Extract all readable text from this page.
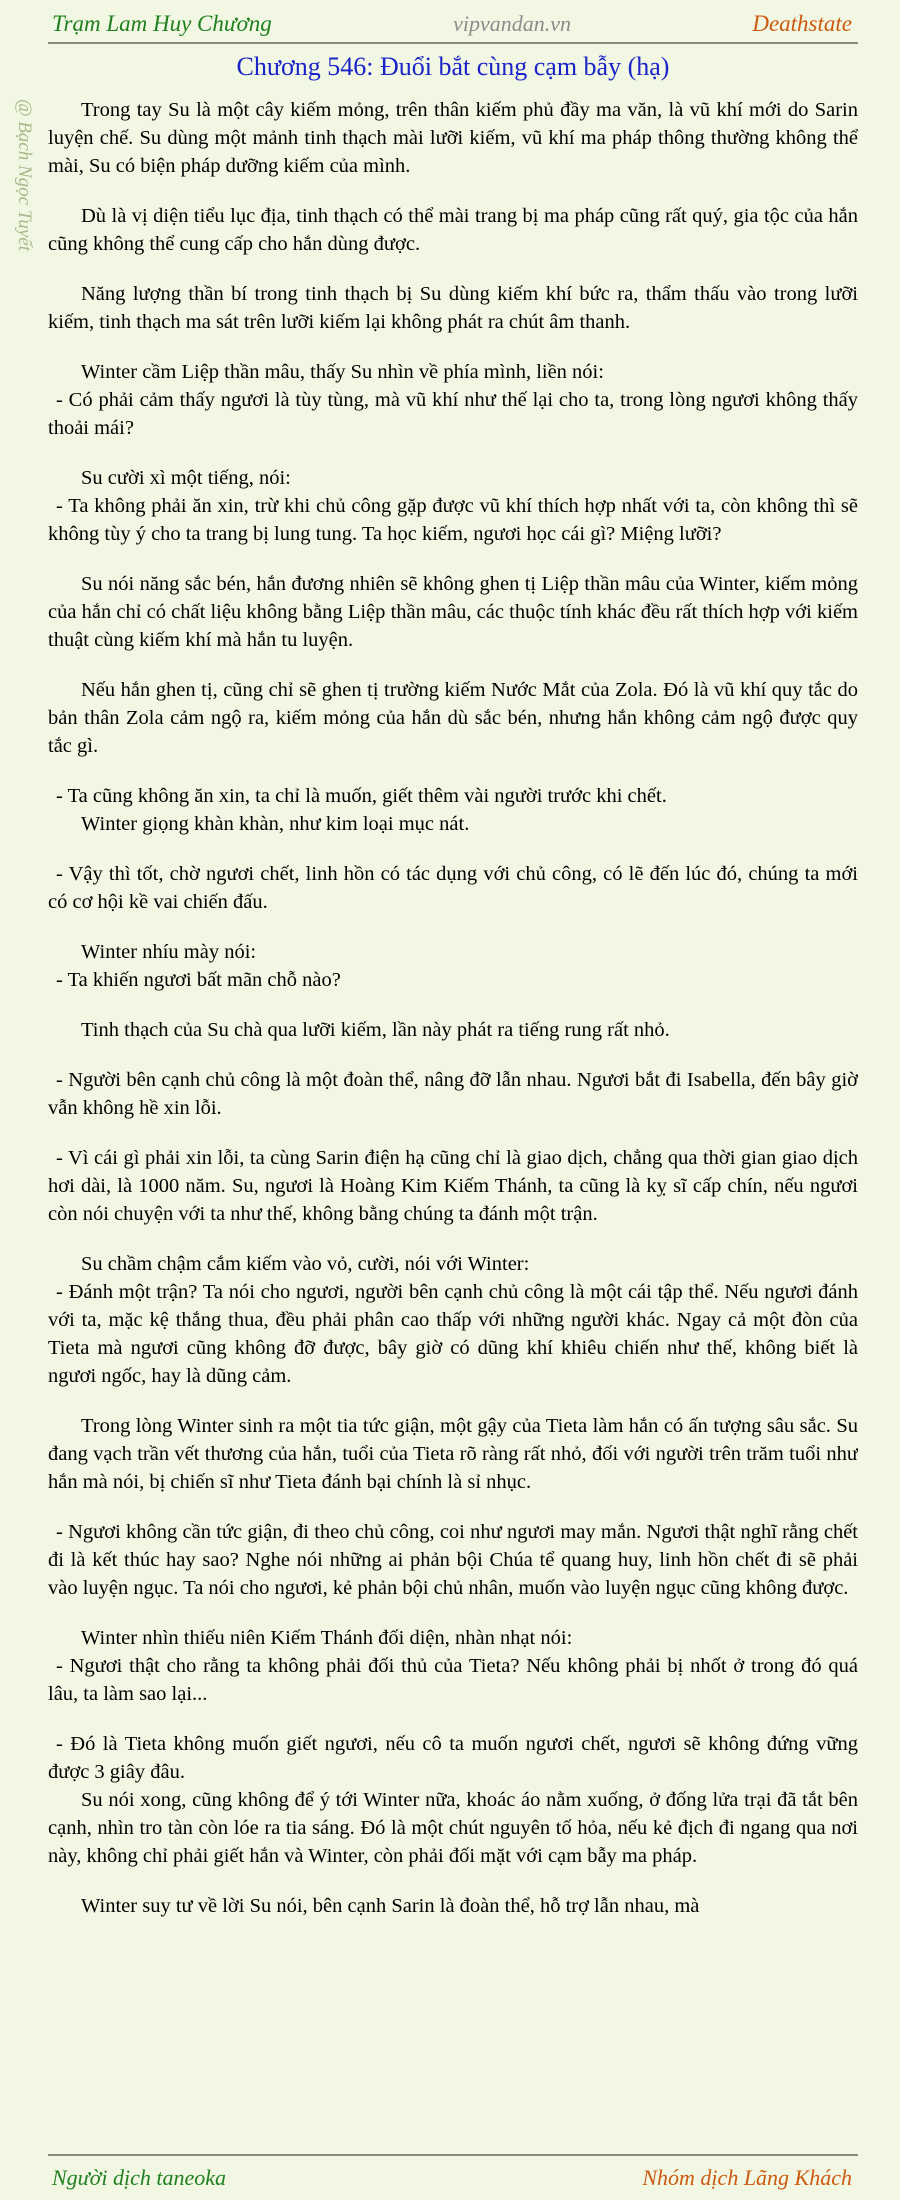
Trạm Lam Huy Chương	vipvandan.vn	Deathstate
@ Bạch Ngọc Tuyết
Chương 546: Đuổi bắt cùng cạm bẫy (hạ)

Trong tay Su là một cây kiếm mỏng, trên thân kiếm phủ đầy ma văn, là vũ khí mới do Sarin luyện chế. Su dùng một mảnh tinh thạch mài lưỡi kiếm, vũ khí ma pháp thông thường không thể mài, Su có biện pháp dưỡng kiếm của mình.

Dù là vị diện tiểu lục địa, tinh thạch có thể mài trang bị ma pháp cũng rất quý, gia tộc của hắn cũng không thể cung cấp cho hắn dùng được.

Năng lượng thần bí trong tinh thạch bị Su dùng kiếm khí bức ra, thẩm thấu vào trong lưỡi kiếm, tinh thạch ma sát trên lưỡi kiếm lại không phát ra chút âm thanh.

Winter cầm Liệp thần mâu, thấy Su nhìn về phía mình, liền nói:

- Có phải cảm thấy ngươi là tùy tùng, mà vũ khí như thế lại cho ta, trong lòng ngươi không thấy thoải mái?

Su cười xì một tiếng, nói:

- Ta không phải ăn xin, trừ khi chủ công gặp được vũ khí thích hợp nhất với ta, còn không thì sẽ không tùy ý cho ta trang bị lung tung. Ta học kiếm, ngươi học cái gì? Miệng lưỡi?

Su nói năng sắc bén, hắn đương nhiên sẽ không ghen tị Liệp thần mâu của Winter, kiếm mỏng của hắn chỉ có chất liệu không bằng Liệp thần mâu, các thuộc tính khác đều rất thích hợp với kiếm thuật cùng kiếm khí mà hắn tu luyện.

Nếu hắn ghen tị, cũng chỉ sẽ ghen tị trường kiếm Nước Mắt của Zola. Đó là vũ khí quy tắc do bản thân Zola cảm ngộ ra, kiếm mỏng của hắn dù sắc bén, nhưng hắn không cảm ngộ được quy tắc gì.

- Ta cũng không ăn xin, ta chỉ là muốn, giết thêm vài người trước khi chết.

Winter giọng khàn khàn, như kim loại mục nát.

- Vậy thì tốt, chờ ngươi chết, linh hồn có tác dụng với chủ công, có lẽ đến lúc đó, chúng ta mới có cơ hội kề vai chiến đấu.

Winter nhíu mày nói:

- Ta khiến ngươi bất mãn chỗ nào?

Tinh thạch của Su chà qua lưỡi kiếm, lần này phát ra tiếng rung rất nhỏ.

- Người bên cạnh chủ công là một đoàn thể, nâng đỡ lẫn nhau. Ngươi bắt đi Isabella, đến bây giờ vẫn không hề xin lỗi.

- Vì cái gì phải xin lỗi, ta cùng Sarin điện hạ cũng chỉ là giao dịch, chẳng qua thời gian giao dịch hơi dài, là 1000 năm. Su, ngươi là Hoàng Kim Kiếm Thánh, ta cũng là kỵ sĩ cấp chín, nếu ngươi còn nói chuyện với ta như thế, không bằng chúng ta đánh một trận.

Su chầm chậm cắm kiếm vào vỏ, cười, nói với Winter:

- Đánh một trận? Ta nói cho ngươi, người bên cạnh chủ công là một cái tập thể. Nếu ngươi đánh với ta, mặc kệ thắng thua, đều phải phân cao thấp với những người khác. Ngay cả một đòn của Tieta mà ngươi cũng không đỡ được, bây giờ có dũng khí khiêu chiến như thế, không biết là ngươi ngốc, hay là dũng cảm.

Trong lòng Winter sinh ra một tia tức giận, một gậy của Tieta làm hắn có ấn tượng sâu sắc. Su đang vạch trần vết thương của hắn, tuổi của Tieta rõ ràng rất nhỏ, đối với người trên trăm tuổi như hắn mà nói, bị chiến sĩ như Tieta đánh bại chính là sỉ nhục.

- Ngươi không cần tức giận, đi theo chủ công, coi như ngươi may mắn. Ngươi thật nghĩ rằng chết đi là kết thúc hay sao? Nghe nói những ai phản bội Chúa tể quang huy, linh hồn chết đi sẽ phải vào luyện ngục. Ta nói cho ngươi, kẻ phản bội chủ nhân, muốn vào luyện ngục cũng không được.

Winter nhìn thiếu niên Kiếm Thánh đối diện, nhàn nhạt nói:

- Ngươi thật cho rằng ta không phải đối thủ của Tieta? Nếu không phải bị nhốt ở trong đó quá lâu, ta làm sao lại...

- Đó là Tieta không muốn giết ngươi, nếu cô ta muốn ngươi chết, ngươi sẽ không đứng vững được 3 giây đâu.

Su nói xong, cũng không để ý tới Winter nữa, khoác áo nằm xuống, ở đống lửa trại đã tắt bên cạnh, nhìn tro tàn còn lóe ra tia sáng. Đó là một chút nguyên tố hỏa, nếu kẻ địch đi ngang qua nơi này, không chỉ phải giết hắn và Winter, còn phải đối mặt với cạm bẫy ma pháp.

Winter suy tư về lời Su nói, bên cạnh Sarin là đoàn thể, hỗ trợ lẫn nhau, mà

Người dịch taneoka	Nhóm dịch Lãng Khách
